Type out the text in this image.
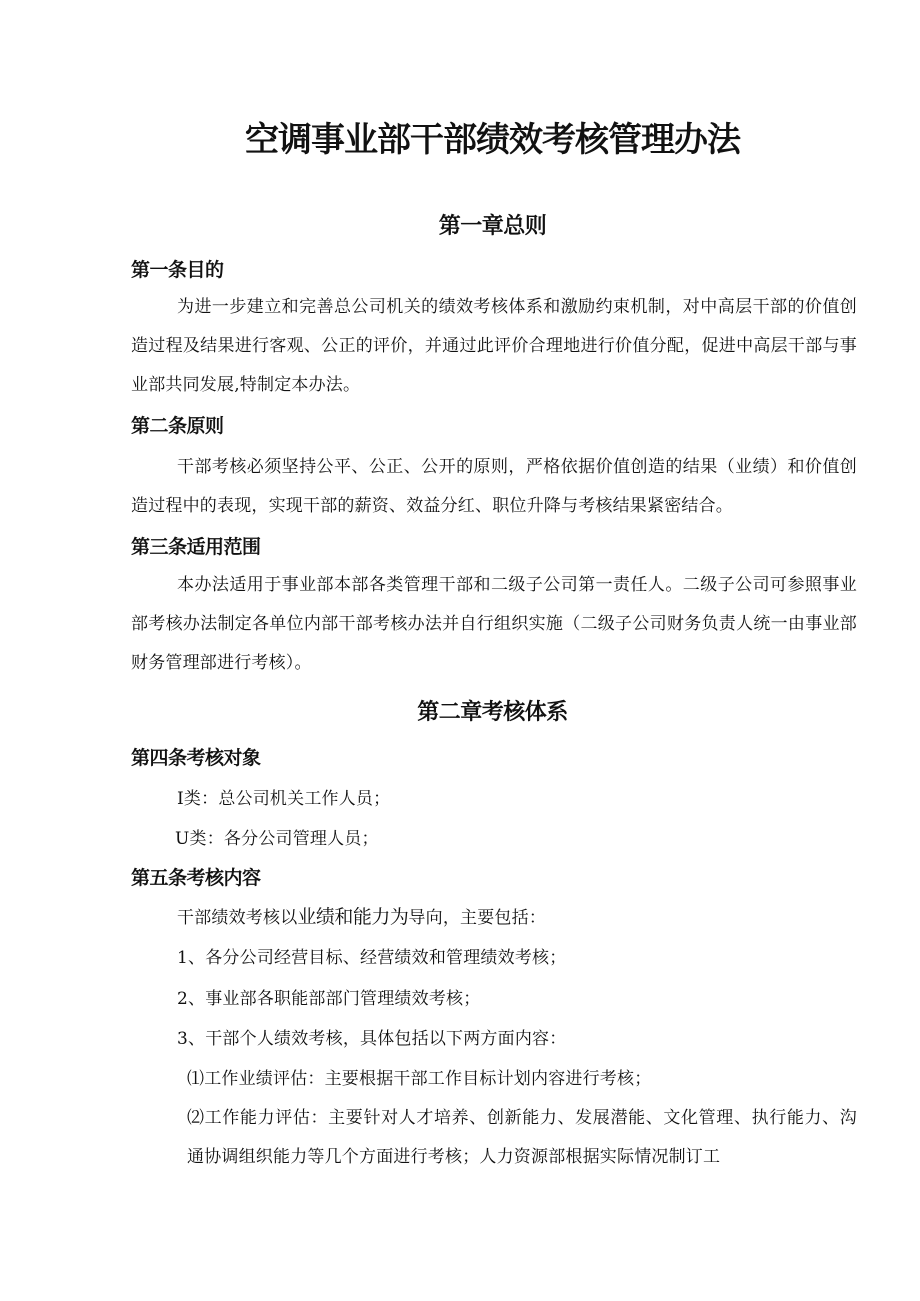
空调事业部干部绩效考核管理办法
第一章总则
第一条目的

为进一步建立和完善总公司机关的绩效考核体系和激励约束机制，对中高层干部的价值创造过程及结果进行客观、公正的评价，并通过此评价合理地进行价值分配，促进中高层干部与事业部共同发展,特制定本办法。

第二条原则

干部考核必须坚持公平、公正、公开的原则，严格依据价值创造的结果（业绩）和价值创造过程中的表现，实现干部的薪资、效益分红、职位升降与考核结果紧密结合。

第三条适用范围

本办法适用于事业部本部各类管理干部和二级子公司第一责任人。二级子公司可参照事业部考核办法制定各单位内部干部考核办法并自行组织实施（二级子公司财务负责人统一由事业部财务管理部进行考核）。

第二章考核体系
第四条考核对象

I类：总公司机关工作人员；

U类：各分公司管理人员；

第五条考核内容

干部绩效考核以业绩和能力为导向，主要包括：

1、各分公司经营目标、经营绩效和管理绩效考核；

2、事业部各职能部部门管理绩效考核；

3、干部个人绩效考核，具体包括以下两方面内容：

⑴工作业绩评估：主要根据干部工作目标计划内容进行考核；

⑵工作能力评估：主要针对人才培养、创新能力、发展潜能、文化管理、执行能力、沟通协调组织能力等几个方面进行考核；人力资源部根据实际情况制订工
